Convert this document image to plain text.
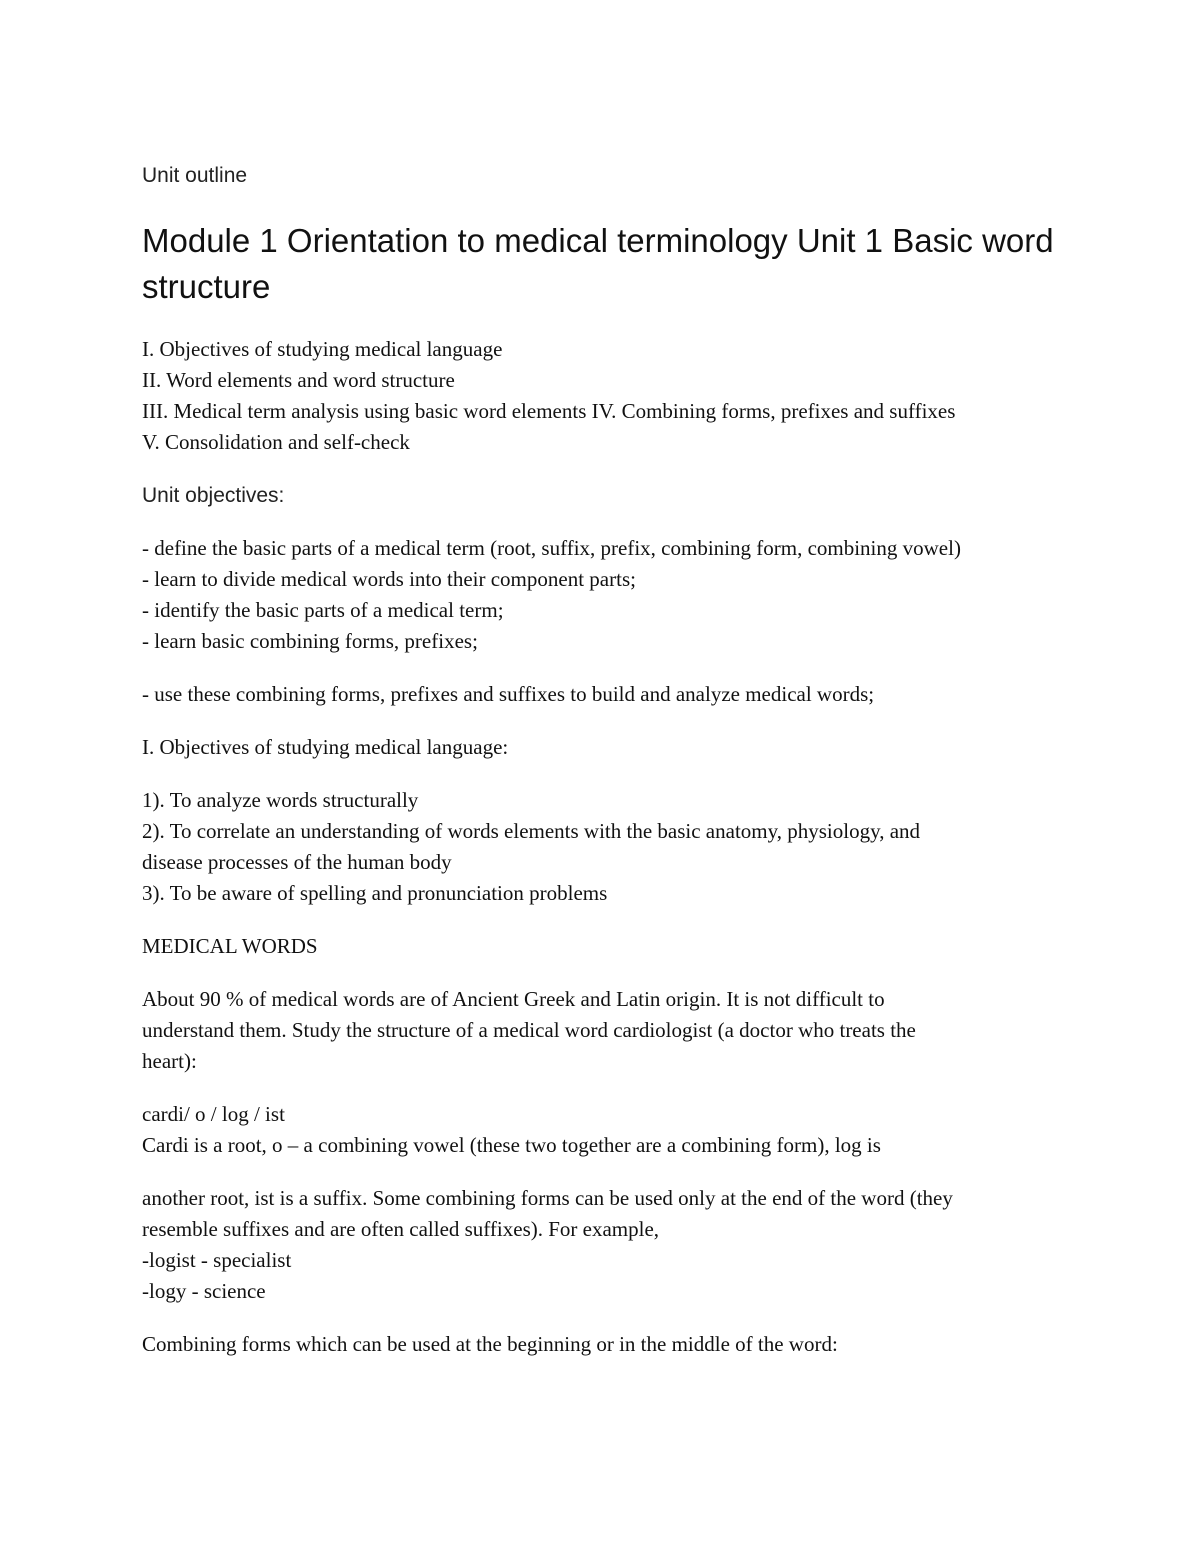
Unit outline

Module 1 Orientation to medical terminology Unit 1 Basic word structure
I. Objectives of studying medical language
II. Word elements and word structure
III. Medical term analysis using basic word elements IV. Combining forms, prefixes and suffixes
V. Consolidation and self-check

Unit objectives:

- define the basic parts of a medical term (root, suffix, prefix, combining form, combining vowel)
- learn to divide medical words into their component parts;
- identify the basic parts of a medical term;
- learn basic combining forms, prefixes;
- use these combining forms, prefixes and suffixes to build and analyze medical words;
I. Objectives of studying medical language:
1). To analyze words structurally
2). To correlate an understanding of words elements with the basic anatomy, physiology, and
disease processes of the human body
3). To be aware of spelling and pronunciation problems
MEDICAL WORDS
About 90 % of medical words are of Ancient Greek and Latin origin. It is not difficult to
understand them. Study the structure of a medical word cardiologist (a doctor who treats the
heart):
cardi/ o / log / ist
Cardi is a root, o – a combining vowel (these two together are a combining form), log is
another root, ist is a suffix. Some combining forms can be used only at the end of the word (they
resemble suffixes and are often called suffixes). For example,
-logist - specialist
-logy - science
Combining forms which can be used at the beginning or in the middle of the word:
